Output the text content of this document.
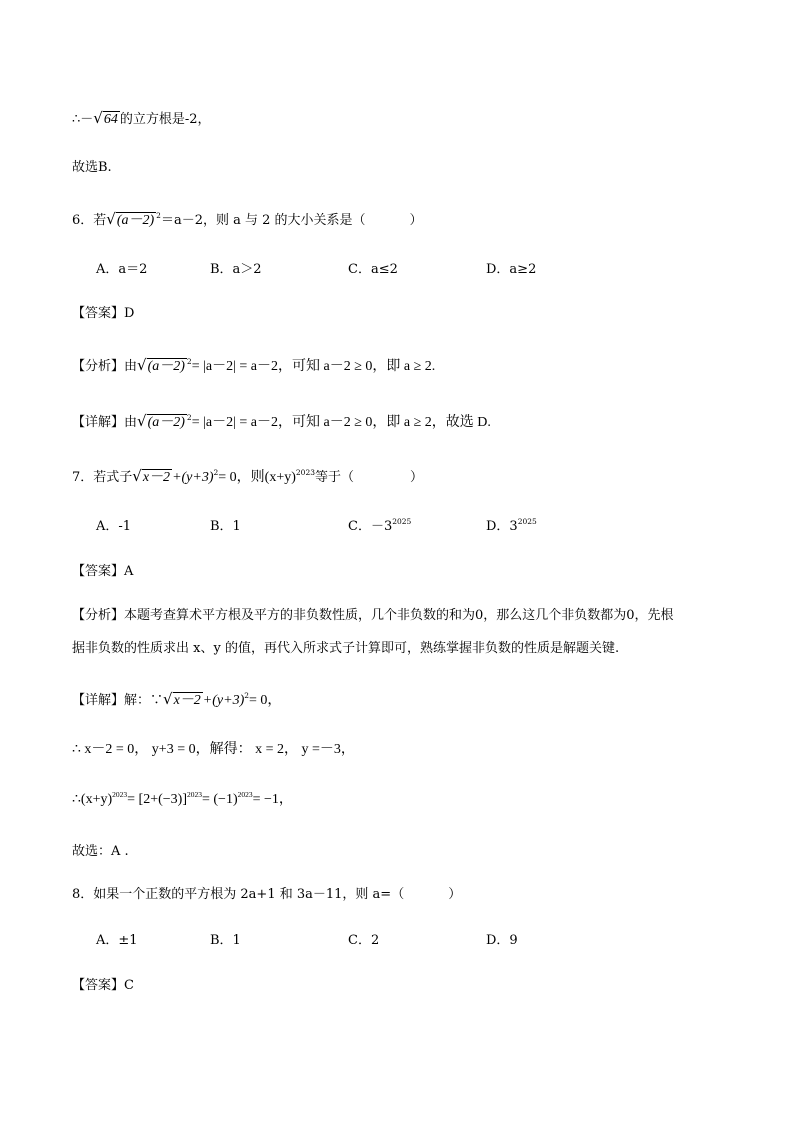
∴－√64 的立方根是-2，
故选B.
6．若√(a－2) $^2$＝a－2，则 a 与 2 的大小关系是（	）
A．a＝2	B．a＞2	C．a≤2	D．a≥2
【答案】D
【分析】由√(a－2) $^2$= |a－2| = a－2，可知 a－2 ≥ 0，即 a ≥ 2.
【详解】由√(a－2) $^2$= |a－2| = a－2，可知 a－2 ≥ 0，即 a ≥ 2，故选 D.
7．若式子$√x-2 +(y+3)^2= 0$，则$(x+y)^{2023}$等于（	）
A．-1	B．1	C．$-3^{2025}$	D．$3^{2025}$
【答案】A
【分析】本题考查算术平方根及平方的非负数性质，几个非负数的和为0，那么这几个非负数都为0，先根
据非负数的性质求出 x、y 的值，再代入所求式子计算即可，熟练掌握非负数的性质是解题关键.
【详解】解：∵√x－2 $+(y+3)^2= 0$，
∴ x－2 = 0， y+3 = 0，解得： x = 2， y =－3，
$\therefore(x+y)^{2023}= [2+(-3)]^{2023}= (-1)^{2023}= -1$，
故选：A .
8．如果一个正数的平方根为 2a+1 和 3a－11，则 a=（	）
A．±1	B．1	C．2	D．9
【答案】C
